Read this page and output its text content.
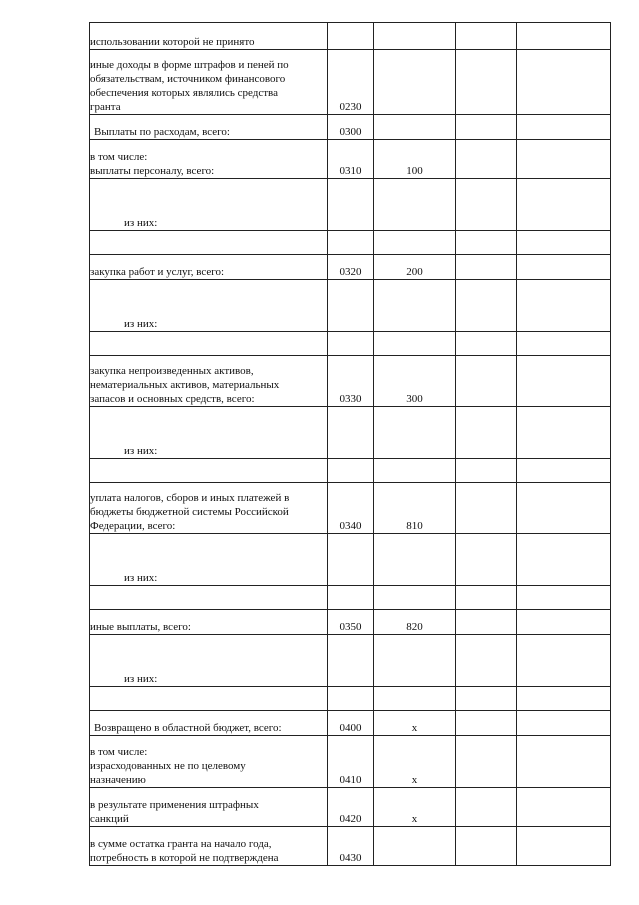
использовании которой не принято				

иные доходы в форме штрафов и пеней по
обязательствам, источником финансового
обеспечения которых являлись средства
гранта	0230			

Выплаты по расходам, всего:	0300			

в том числе:
выплаты персоналу, всего:	0310	100		

из них:				

закупка работ и услуг, всего:	0320	200		

из них:				

закупка непроизведенных активов,
нематериальных активов, материальных
запасов и основных средств, всего:	0330	300		

из них:				

уплата налогов, сборов и иных платежей в
бюджеты бюджетной системы Российской
Федерации, всего:	0340	810		

из них:				

иные выплаты, всего:	0350	820		

из них:				

Возвращено в областной бюджет, всего:	0400	x		

в том числе:
израсходованных не по целевому
назначению	0410	x		

в результате применения штрафных
санкций	0420	x		

в сумме остатка гранта на начало года,
потребность в которой не подтверждена	0430			
